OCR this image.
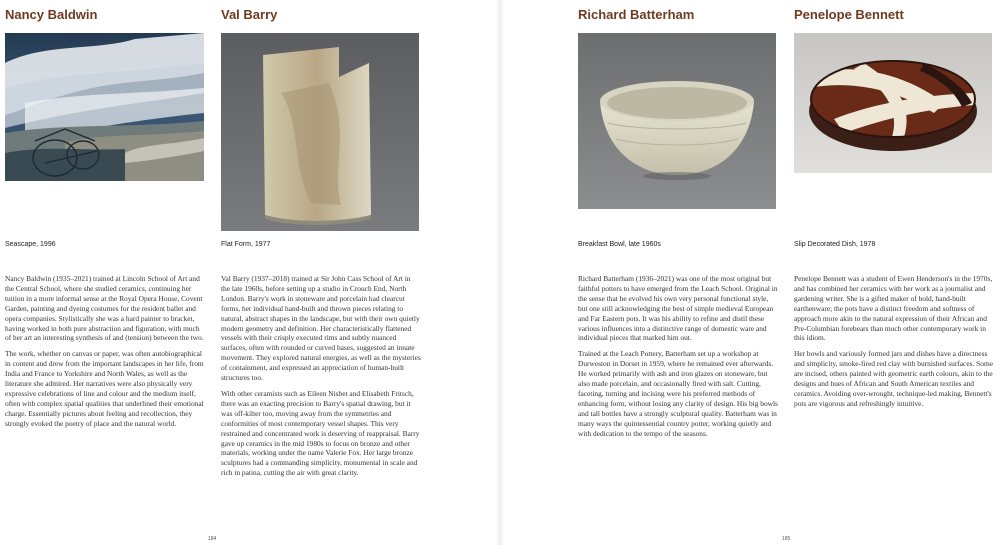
Nancy Baldwin
Seascape, 1996

Nancy Baldwin (1935–2021) trained at Lincoln School of Art and the Central School, where she studied ceramics, continuing her tuition in a more informal sense at the Royal Opera House, Covent Garden, painting and dyeing costumes for the resident ballet and opera companies. Stylistically she was a hard painter to bracket, having worked in both pure abstraction and figuration, with much of her art an interesting synthesis of and (tension) between the two.

The work, whether on canvas or paper, was often autobiographical in content and drew from the important landscapes in her life, from India and France to Yorkshire and North Wales, as well as the literature she admired. Her narratives were also physically very expressive celebrations of line and colour and the medium itself, often with complex spatial qualities that underlined their emotional charge. Essentially pictures about feeling and recollection, they strongly evoked the poetry of place and the natural world.

Val Barry
Flat Form, 1977

Val Barry (1937–2018) trained at Sir John Cass School of Art in the late 1960s, before setting up a studio in Crouch End, North London. Barry's work in stoneware and porcelain had clearcut forms, her individual hand-built and thrown pieces relating to natural, abstract shapes in the landscape, but with their own quietly modern geometry and definition. Her characteristically flattened vessels with their crisply executed rims and subtly nuanced surfaces, often with rounded or curved bases, suggested an innate movement. They explored natural energies, as well as the mysteries of containment, and expressed an appreciation of human-built structures too.

With other ceramists such as Eileen Nisbet and Elisabeth Fritsch, there was an exacting precision to Barry's spatial drawing, but it was off-kilter too, moving away from the symmetries and conformities of most contemporary vessel shapes. This very restrained and concentrated work is deserving of reappraisal. Barry gave up ceramics in the mid 1980s to focus on bronze and other materials, working under the name Valerie Fox. Her large bronze sculptures had a commanding simplicity, monumental in scale and rich in patina, cutting the air with great clarity.

184
Richard Batterham
Breakfast Bowl, late 1960s

Richard Batterham (1936–2021) was one of the most original but faithful potters to have emerged from the Leach School. Original in the sense that he evolved his own very personal functional style, but one still acknowledging the best of simple medieval European and Far Eastern pots. It was his ability to refine and distil these various influences into a distinctive range of domestic ware and individual pieces that marked him out.

Trained at the Leach Pottery, Batterham set up a workshop at Durweston in Dorset in 1959, where he remained ever afterwards. He worked primarily with ash and iron glazes on stoneware, but also made porcelain, and occasionally fired with salt. Cutting, faceting, turning and incising were his preferred methods of enhancing form, without losing any clarity of design. His big bowls and tall bottles have a strongly sculptural quality. Batterham was in many ways the quintessential country potter, working quietly and with dedication to the tempo of the seasons.

Penelope Bennett
Slip Decorated Dish, 1978

Penelope Bennett was a student of Ewen Henderson's in the 1970s, and has combined her ceramics with her work as a journalist and gardening writer. She is a gifted maker of bold, hand-built earthenware; the pots have a distinct freedom and softness of approach more akin to the natural expression of their African and Pre-Columbian forebears than much other contemporary work in this idiom.

Her bowls and variously formed jars and dishes have a directness and simplicity, smoke-fired red clay with burnished surfaces. Some are incised, others painted with geometric earth colours, akin to the designs and hues of African and South American textiles and ceramics. Avoiding over-wrought, technique-led making, Bennett's pots are vigorous and refreshingly intuitive.

185
